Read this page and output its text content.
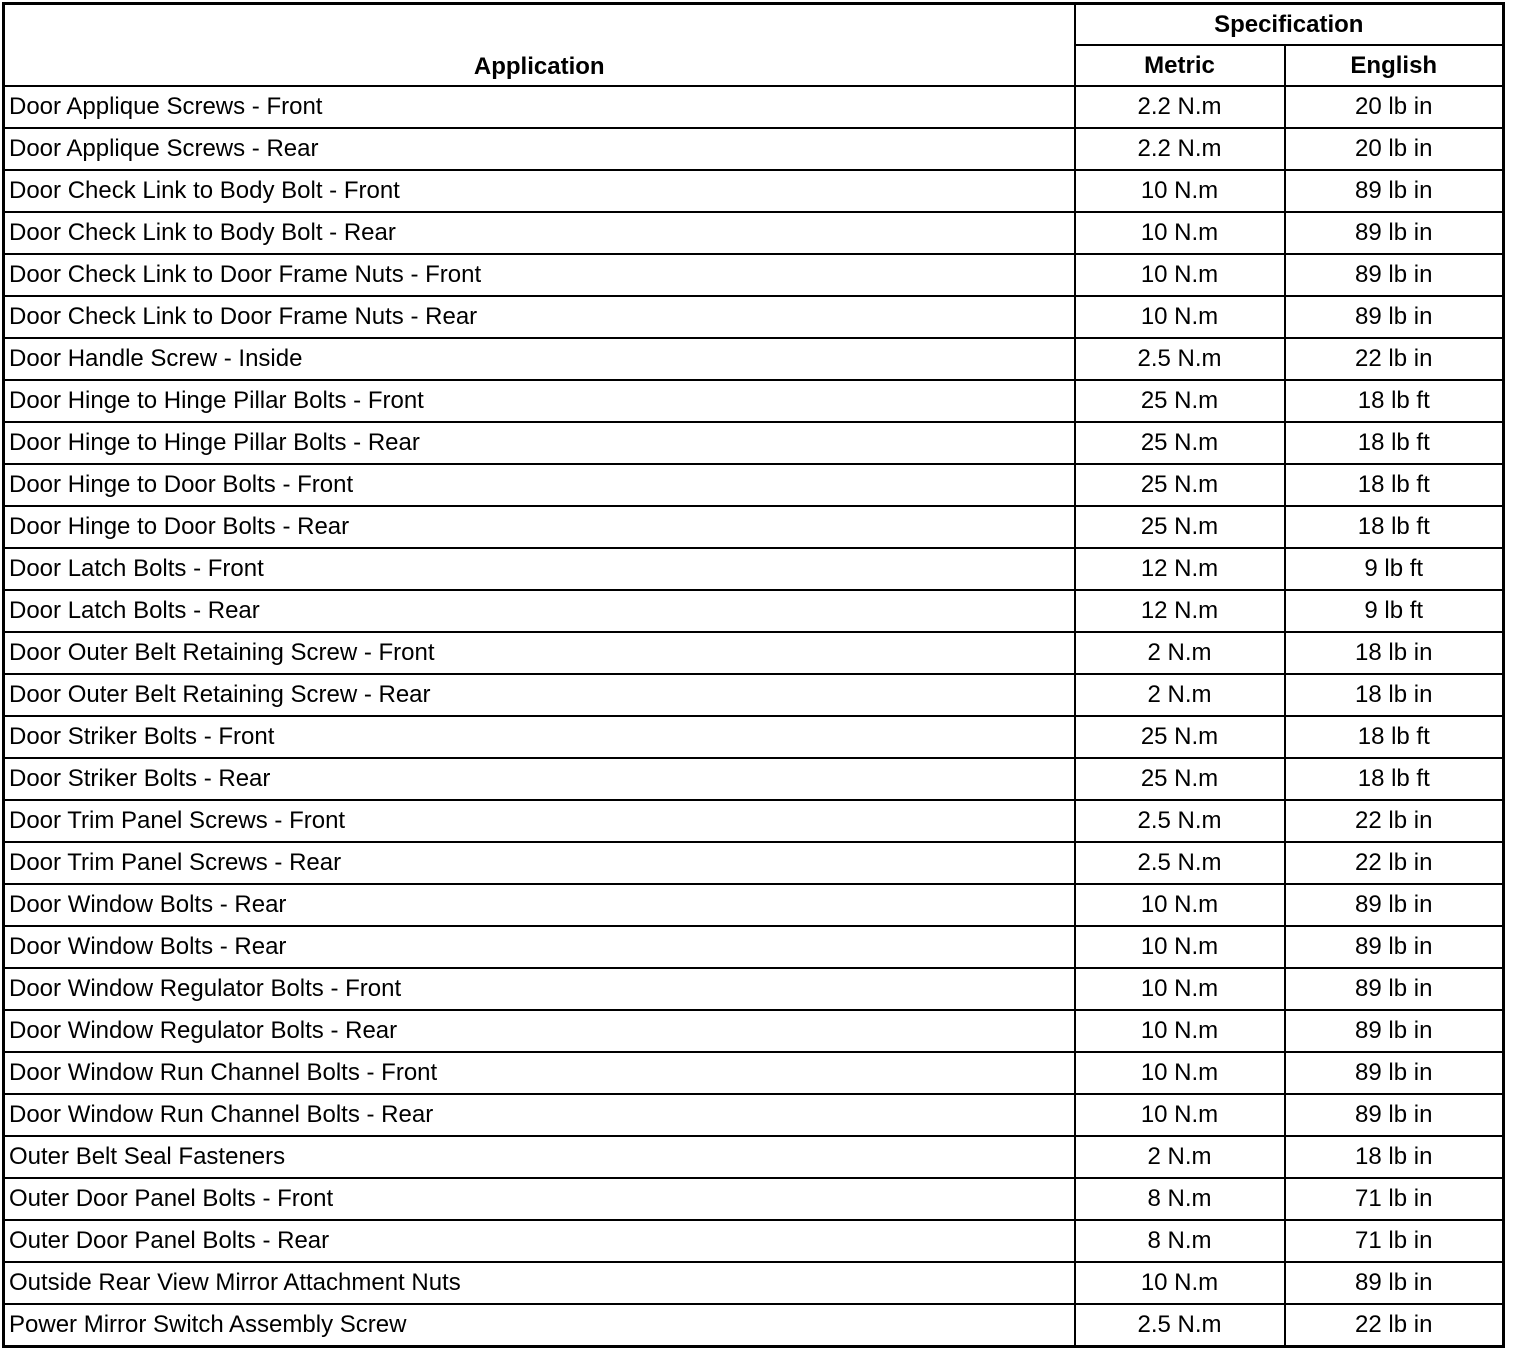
Application	Specification	
	Metric	English
Door Applique Screws - Front	2.2 N.m	20 lb in
Door Applique Screws - Rear	2.2 N.m	20 lb in
Door Check Link to Body Bolt - Front	10 N.m	89 lb in
Door Check Link to Body Bolt - Rear	10 N.m	89 lb in
Door Check Link to Door Frame Nuts - Front	10 N.m	89 lb in
Door Check Link to Door Frame Nuts - Rear	10 N.m	89 lb in
Door Handle Screw - Inside	2.5 N.m	22 lb in
Door Hinge to Hinge Pillar Bolts - Front	25 N.m	18 lb ft
Door Hinge to Hinge Pillar Bolts - Rear	25 N.m	18 lb ft
Door Hinge to Door Bolts - Front	25 N.m	18 lb ft
Door Hinge to Door Bolts - Rear	25 N.m	18 lb ft
Door Latch Bolts - Front	12 N.m	9 lb ft
Door Latch Bolts - Rear	12 N.m	9 lb ft
Door Outer Belt Retaining Screw - Front	2 N.m	18 lb in
Door Outer Belt Retaining Screw - Rear	2 N.m	18 lb in
Door Striker Bolts - Front	25 N.m	18 lb ft
Door Striker Bolts - Rear	25 N.m	18 lb ft
Door Trim Panel Screws - Front	2.5 N.m	22 lb in
Door Trim Panel Screws - Rear	2.5 N.m	22 lb in
Door Window Bolts - Rear	10 N.m	89 lb in
Door Window Bolts - Rear	10 N.m	89 lb in
Door Window Regulator Bolts - Front	10 N.m	89 lb in
Door Window Regulator Bolts - Rear	10 N.m	89 lb in
Door Window Run Channel Bolts - Front	10 N.m	89 lb in
Door Window Run Channel Bolts - Rear	10 N.m	89 lb in
Outer Belt Seal Fasteners	2 N.m	18 lb in
Outer Door Panel Bolts - Front	8 N.m	71 lb in
Outer Door Panel Bolts - Rear	8 N.m	71 lb in
Outside Rear View Mirror Attachment Nuts	10 N.m	89 lb in
Power Mirror Switch Assembly Screw	2.5 N.m	22 lb in
